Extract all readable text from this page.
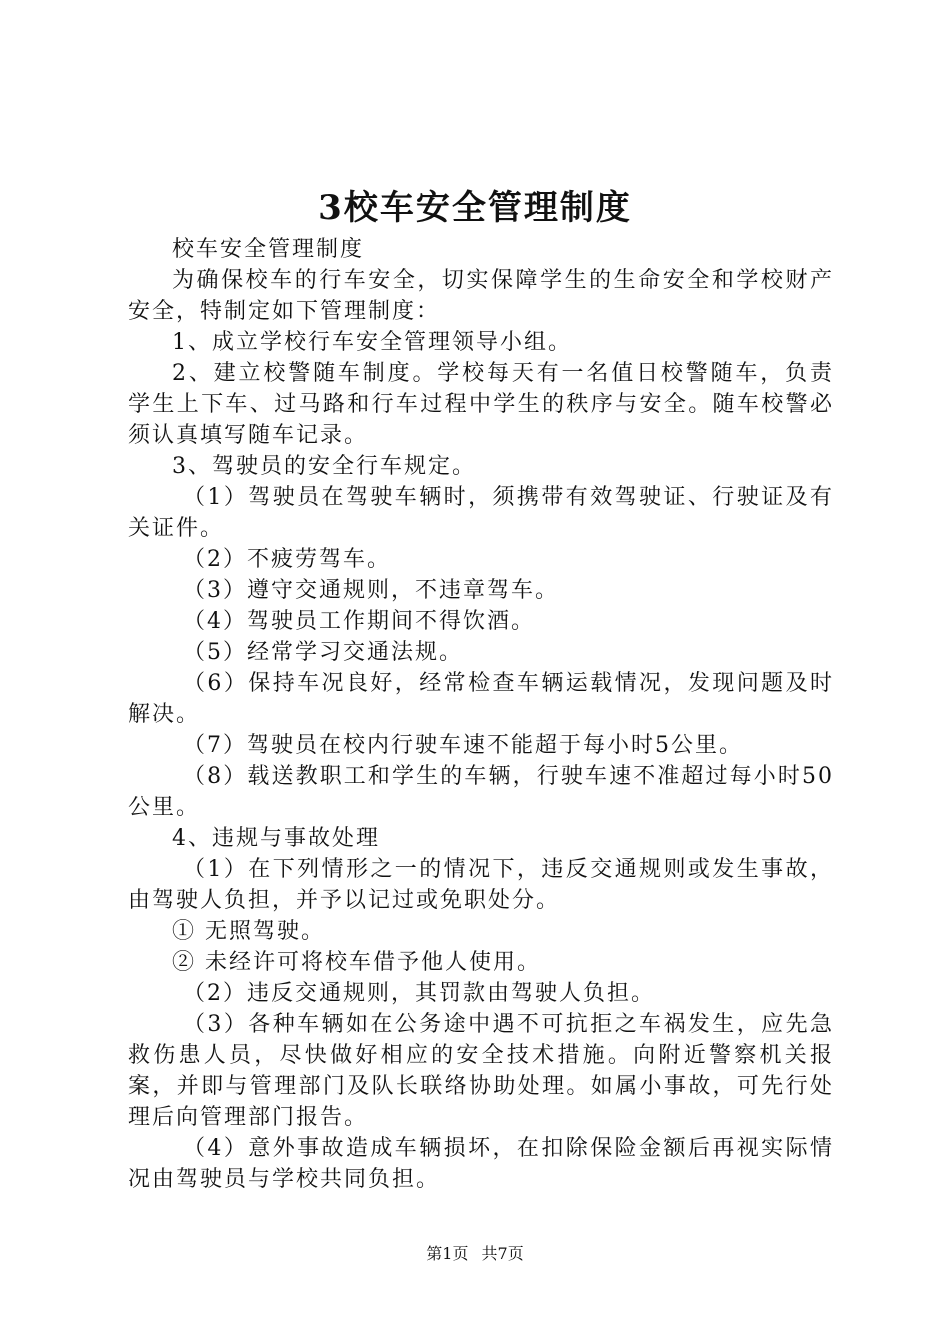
3校车安全管理制度

校车安全管理制度

为确保校车的行车安全，切实保障学生的生命安全和学校财产安全，特制定如下管理制度：

1、成立学校行车安全管理领导小组。

2、建立校警随车制度。学校每天有一名值日校警随车，负责学生上下车、过马路和行车过程中学生的秩序与安全。随车校警必须认真填写随车记录。

3、驾驶员的安全行车规定。

（1）驾驶员在驾驶车辆时，须携带有效驾驶证、行驶证及有关证件。

（2）不疲劳驾车。

（3）遵守交通规则，不违章驾车。

（4）驾驶员工作期间不得饮酒。

（5）经常学习交通法规。

（6）保持车况良好，经常检查车辆运载情况，发现问题及时解决。

（7）驾驶员在校内行驶车速不能超于每小时5公里。

（8）载送教职工和学生的车辆，行驶车速不准超过每小时50公里。

4、违规与事故处理

（1）在下列情形之一的情况下，违反交通规则或发生事故，由驾驶人负担，并予以记过或免职处分。

① 无照驾驶。

② 未经许可将校车借予他人使用。

（2）违反交通规则，其罚款由驾驶人负担。

（3）各种车辆如在公务途中遇不可抗拒之车祸发生，应先急救伤患人员，尽快做好相应的安全技术措施。向附近警察机关报案，并即与管理部门及队长联络协助处理。如属小事故，可先行处理后向管理部门报告。

（4）意外事故造成车辆损坏，在扣除保险金额后再视实际情况由驾驶员与学校共同负担。

第1页 共7页
